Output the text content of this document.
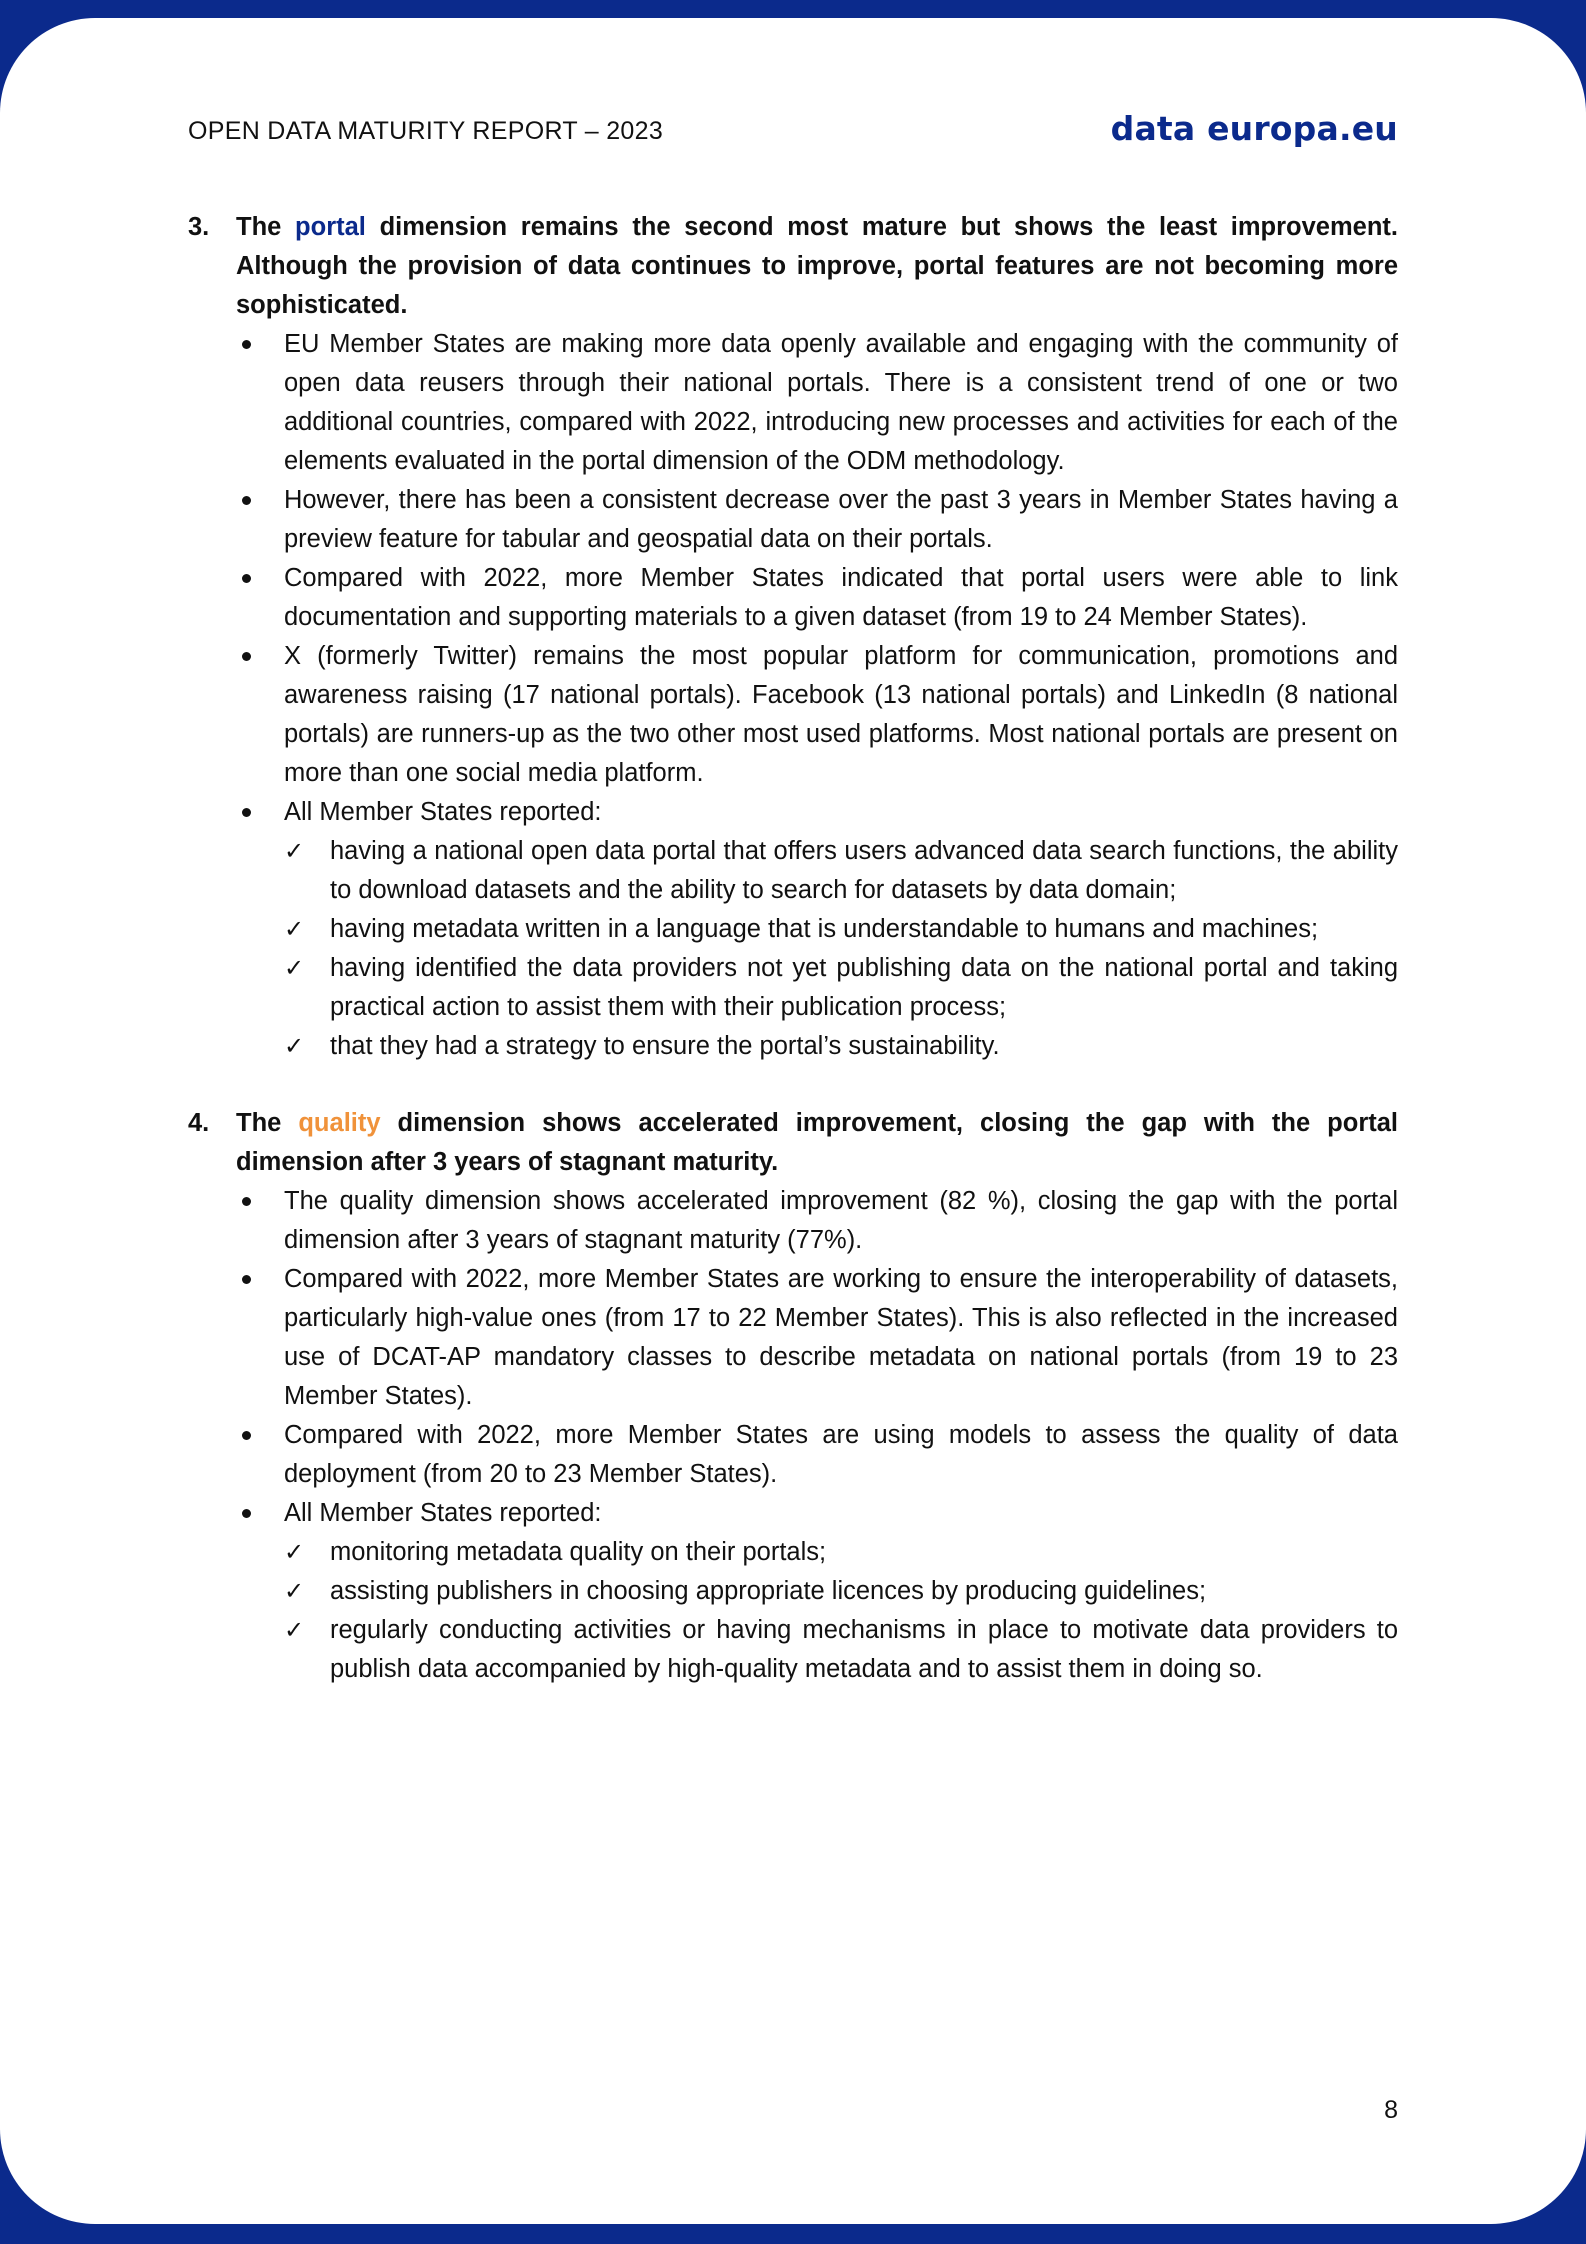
OPEN DATA MATURITY REPORT – 2023	data europa.eu
3. The portal dimension remains the second most mature but shows the least improvement. Although the provision of data continues to improve, portal features are not becoming more sophisticated.

EU Member States are making more data openly available and engaging with the community of open data reusers through their national portals. There is a consistent trend of one or two additional countries, compared with 2022, introducing new processes and activities for each of the elements evaluated in the portal dimension of the ODM methodology.
However, there has been a consistent decrease over the past 3 years in Member States having a preview feature for tabular and geospatial data on their portals.
Compared with 2022, more Member States indicated that portal users were able to link documentation and supporting materials to a given dataset (from 19 to 24 Member States).
X (formerly Twitter) remains the most popular platform for communication, promotions and awareness raising (17 national portals). Facebook (13 national portals) and LinkedIn (8 national portals) are runners-up as the two other most used platforms. Most national portals are present on more than one social media platform.
All Member States reported:
✓ having a national open data portal that offers users advanced data search functions, the ability to download datasets and the ability to search for datasets by data domain;
✓ having metadata written in a language that is understandable to humans and machines;
✓ having identified the data providers not yet publishing data on the national portal and taking practical action to assist them with their publication process;
✓ that they had a strategy to ensure the portal’s sustainability.
4. The quality dimension shows accelerated improvement, closing the gap with the portal dimension after 3 years of stagnant maturity.

The quality dimension shows accelerated improvement (82 %), closing the gap with the portal dimension after 3 years of stagnant maturity (77%).
Compared with 2022, more Member States are working to ensure the interoperability of datasets, particularly high-value ones (from 17 to 22 Member States). This is also reflected in the increased use of DCAT-AP mandatory classes to describe metadata on national portals (from 19 to 23 Member States).
Compared with 2022, more Member States are using models to assess the quality of data deployment (from 20 to 23 Member States).
All Member States reported:
✓ monitoring metadata quality on their portals;
✓ assisting publishers in choosing appropriate licences by producing guidelines;
✓ regularly conducting activities or having mechanisms in place to motivate data providers to publish data accompanied by high-quality metadata and to assist them in doing so.
8
